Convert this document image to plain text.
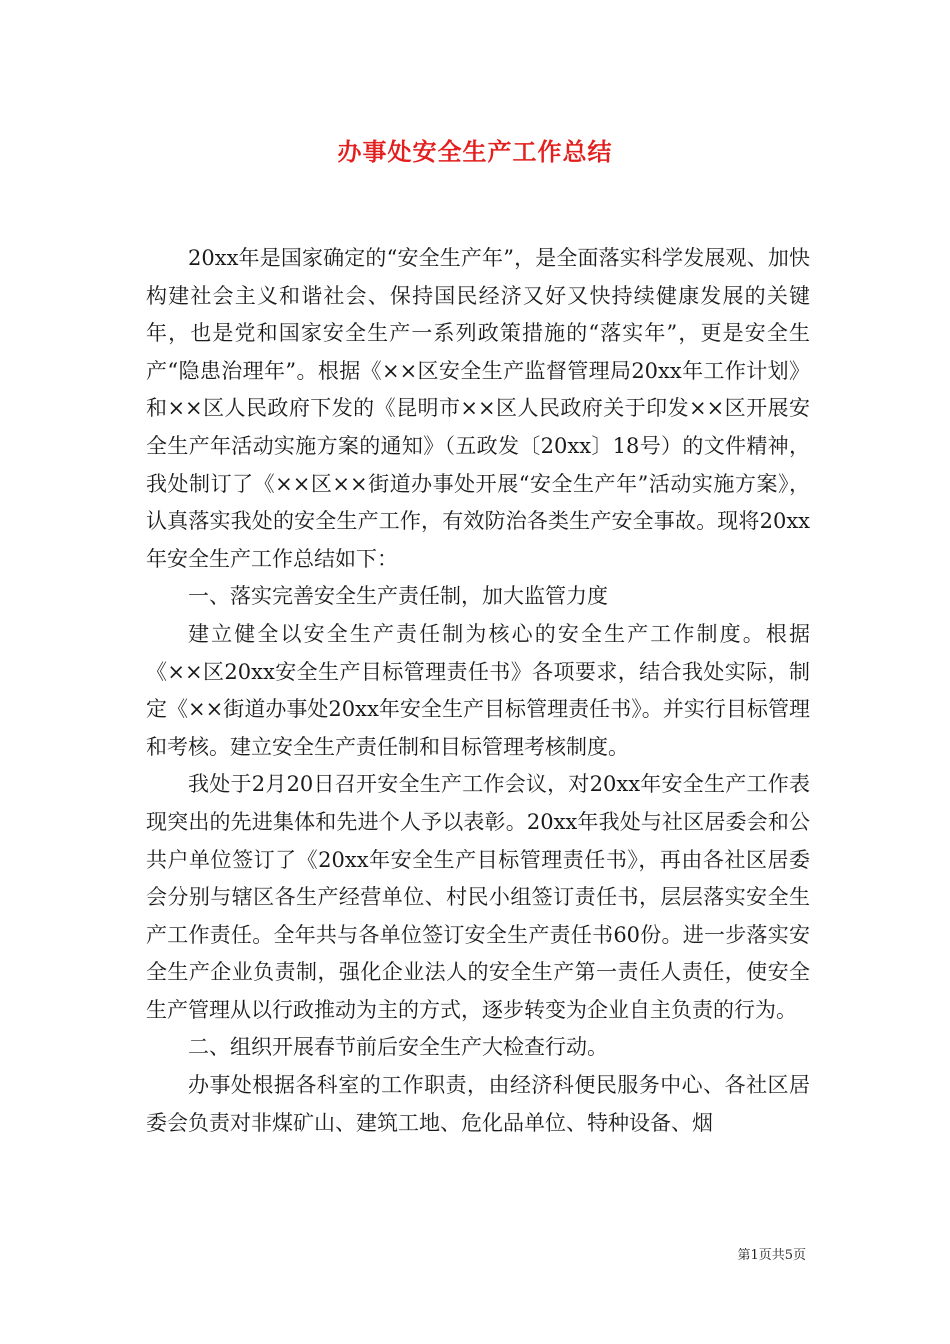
办事处安全生产工作总结

20xx年是国家确定的“安全生产年”，是全面落实科学发展观、加快构建社会主义和谐社会、保持国民经济又好又快持续健康发展的关键年，也是党和国家安全生产一系列政策措施的“落实年”，更是安全生产“隐患治理年”。根据《××区安全生产监督管理局20xx年工作计划》和××区人民政府下发的《昆明市××区人民政府关于印发××区开展安全生产年活动实施方案的通知》（五政发〔20xx〕18号）的文件精神，我处制订了《××区××街道办事处开展“安全生产年”活动实施方案》，认真落实我处的安全生产工作，有效防治各类生产安全事故。现将20xx年安全生产工作总结如下：

一、落实完善安全生产责任制，加大监管力度

建立健全以安全生产责任制为核心的安全生产工作制度。根据《××区20xx安全生产目标管理责任书》各项要求，结合我处实际，制定《××街道办事处20xx年安全生产目标管理责任书》。并实行目标管理和考核。建立安全生产责任制和目标管理考核制度。

我处于2月20日召开安全生产工作会议，对20xx年安全生产工作表现突出的先进集体和先进个人予以表彰。20xx年我处与社区居委会和公共户单位签订了《20xx年安全生产目标管理责任书》，再由各社区居委会分别与辖区各生产经营单位、村民小组签订责任书，层层落实安全生产工作责任。全年共与各单位签订安全生产责任书60份。进一步落实安全生产企业负责制，强化企业法人的安全生产第一责任人责任，使安全生产管理从以行政推动为主的方式，逐步转变为企业自主负责的行为。

二、组织开展春节前后安全生产大检查行动。

办事处根据各科室的工作职责，由经济科便民服务中心、各社区居委会负责对非煤矿山、建筑工地、危化品单位、特种设备、烟

第1页共5页
